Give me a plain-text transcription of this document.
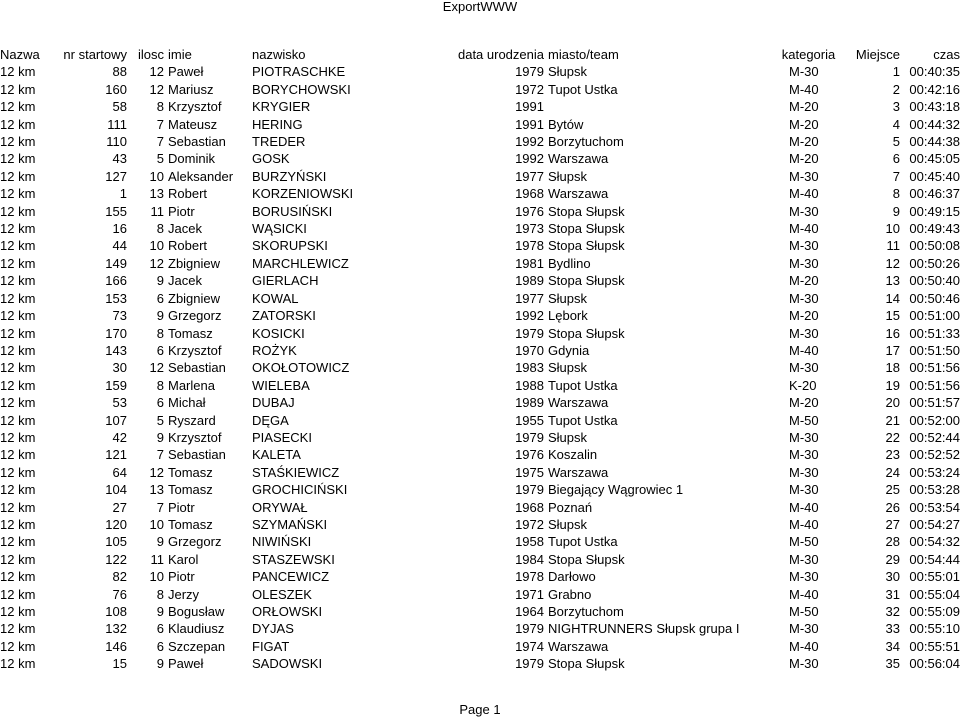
ExportWWW
Nazwa	nr startowy	ilosc	imie	nazwisko	data urodzenia	miasto/team	kategoria	Miejsce	czas
12 km	88	12	Paweł	PIOTRASCHKE	1979	Słupsk	M-30	1	00:40:35
12 km	160	12	Mariusz	BORYCHOWSKI	1972	Tupot Ustka	M-40	2	00:42:16
12 km	58	8	Krzysztof	KRYGIER	1991		M-20	3	00:43:18
12 km	111	7	Mateusz	HERING	1991	Bytów	M-20	4	00:44:32
12 km	110	7	Sebastian	TREDER	1992	Borzytuchom	M-20	5	00:44:38
12 km	43	5	Dominik	GOSK	1992	Warszawa	M-20	6	00:45:05
12 km	127	10	Aleksander	BURZYŃSKI	1977	Słupsk	M-30	7	00:45:40
12 km	1	13	Robert	KORZENIOWSKI	1968	Warszawa	M-40	8	00:46:37
12 km	155	11	Piotr	BORUSIŃSKI	1976	Stopa Słupsk	M-30	9	00:49:15
12 km	16	8	Jacek	WĄSICKI	1973	Stopa Słupsk	M-40	10	00:49:43
12 km	44	10	Robert	SKORUPSKI	1978	Stopa Słupsk	M-30	11	00:50:08
12 km	149	12	Zbigniew	MARCHLEWICZ	1981	Bydlino	M-30	12	00:50:26
12 km	166	9	Jacek	GIERLACH	1989	Stopa Słupsk	M-20	13	00:50:40
12 km	153	6	Zbigniew	KOWAL	1977	Słupsk	M-30	14	00:50:46
12 km	73	9	Grzegorz	ZATORSKI	1992	Lębork	M-20	15	00:51:00
12 km	170	8	Tomasz	KOSICKI	1979	Stopa Słupsk	M-30	16	00:51:33
12 km	143	6	Krzysztof	ROŻYK	1970	Gdynia	M-40	17	00:51:50
12 km	30	12	Sebastian	OKOŁOTOWICZ	1983	Słupsk	M-30	18	00:51:56
12 km	159	8	Marlena	WIELEBA	1988	Tupot Ustka	K-20	19	00:51:56
12 km	53	6	Michał	DUBAJ	1989	Warszawa	M-20	20	00:51:57
12 km	107	5	Ryszard	DĘGA	1955	Tupot Ustka	M-50	21	00:52:00
12 km	42	9	Krzysztof	PIASECKI	1979	Słupsk	M-30	22	00:52:44
12 km	121	7	Sebastian	KALETA	1976	Koszalin	M-30	23	00:52:52
12 km	64	12	Tomasz	STAŚKIEWICZ	1975	Warszawa	M-30	24	00:53:24
12 km	104	13	Tomasz	GROCHICIŃSKI	1979	Biegający Wągrowiec 1	M-30	25	00:53:28
12 km	27	7	Piotr	ORYWAŁ	1968	Poznań	M-40	26	00:53:54
12 km	120	10	Tomasz	SZYMAŃSKI	1972	Słupsk	M-40	27	00:54:27
12 km	105	9	Grzegorz	NIWIŃSKI	1958	Tupot Ustka	M-50	28	00:54:32
12 km	122	11	Karol	STASZEWSKI	1984	Stopa Słupsk	M-30	29	00:54:44
12 km	82	10	Piotr	PANCEWICZ	1978	Darłowo	M-30	30	00:55:01
12 km	76	8	Jerzy	OLESZEK	1971	Grabno	M-40	31	00:55:04
12 km	108	9	Bogusław	ORŁOWSKI	1964	Borzytuchom	M-50	32	00:55:09
12 km	132	6	Klaudiusz	DYJAS	1979	NIGHTRUNNERS Słupsk grupa I	M-30	33	00:55:10
12 km	146	6	Szczepan	FIGAT	1974	Warszawa	M-40	34	00:55:51
12 km	15	9	Paweł	SADOWSKI	1979	Stopa Słupsk	M-30	35	00:56:04
Page 1
